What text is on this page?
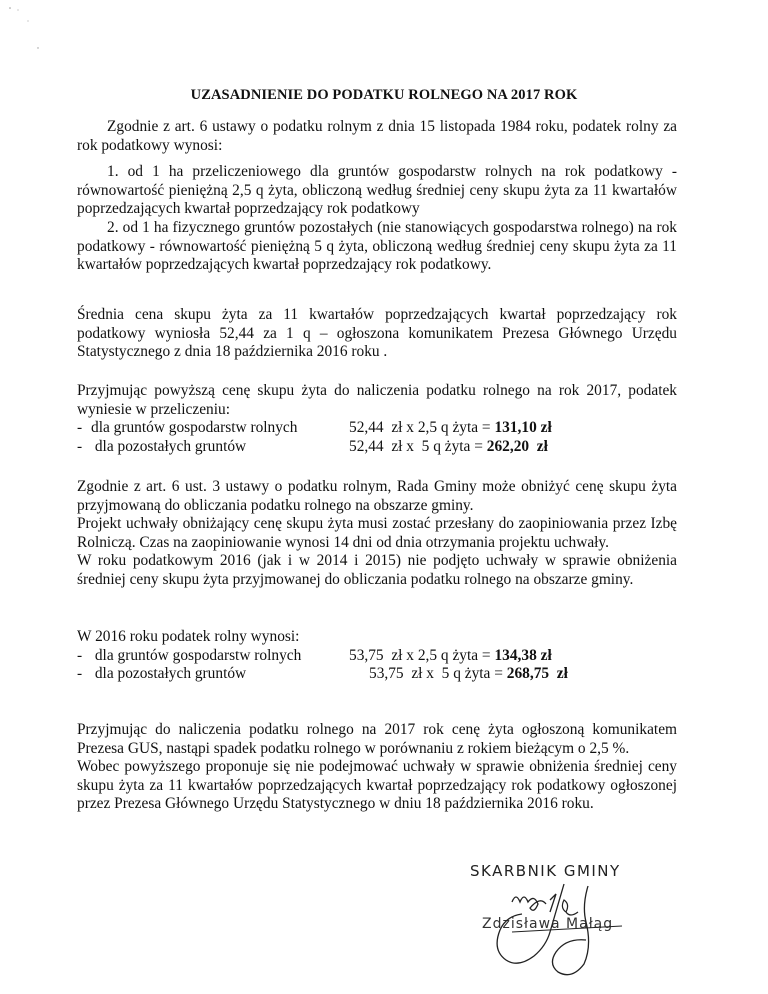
UZASADNIENIE DO PODATKU ROLNEGO NA 2017 ROK

Zgodnie z art. 6 ustawy o podatku rolnym z dnia 15 listopada 1984 roku, podatek rolny za rok podatkowy wynosi:

1. od 1 ha przeliczeniowego dla gruntów gospodarstw rolnych na rok podatkowy - równowartość pieniężną 2,5 q żyta, obliczoną według średniej ceny skupu żyta za 11 kwartałów poprzedzających kwartał poprzedzający rok podatkowy

2. od 1 ha fizycznego gruntów pozostałych (nie stanowiących gospodarstwa rolnego) na rok podatkowy - równowartość pieniężną 5 q żyta, obliczoną według średniej ceny skupu żyta za 11 kwartałów poprzedzających kwartał poprzedzający rok podatkowy.

Średnia cena skupu żyta za 11 kwartałów poprzedzających kwartał poprzedzający rok podatkowy wyniosła 52,44 za 1 q – ogłoszona komunikatem Prezesa Głównego Urzędu Statystycznego z dnia 18 października 2016 roku .

Przyjmując powyższą cenę skupu żyta do naliczenia podatku rolnego na rok 2017, podatek wyniesie w przeliczeniu:

- dla gruntów gospodarstw rolnych	52,44  zł x 2,5 q żyta = 131,10 zł
- dla pozostałych gruntów	52,44  zł x  5 q żyta = 262,20  zł

Zgodnie z art. 6 ust. 3 ustawy o podatku rolnym, Rada Gminy może obniżyć cenę skupu żyta przyjmowaną do obliczania podatku rolnego na obszarze gminy.

Projekt uchwały obniżający cenę skupu żyta musi zostać przesłany do zaopiniowania przez Izbę Rolniczą. Czas na zaopiniowanie wynosi 14 dni od dnia otrzymania projektu uchwały.

W roku podatkowym 2016 (jak i w 2014 i 2015) nie podjęto uchwały w sprawie obniżenia średniej ceny skupu żyta przyjmowanej do obliczania podatku rolnego na obszarze gminy.

W 2016 roku podatek rolny wynosi:

- dla gruntów gospodarstw rolnych	53,75  zł x 2,5 q żyta = 134,38 zł
- dla pozostałych gruntów	53,75  zł x  5 q żyta = 268,75  zł

Przyjmując do naliczenia podatku rolnego na 2017 rok cenę żyta ogłoszoną komunikatem Prezesa GUS, nastąpi spadek podatku rolnego w porównaniu z rokiem bieżącym o 2,5 %.

Wobec powyższego proponuje się nie podejmować uchwały w sprawie obniżenia średniej ceny skupu żyta za 11 kwartałów poprzedzających kwartał poprzedzający rok podatkowy ogłoszonej przez Prezesa Głównego Urzędu Statystycznego w dniu 18 października 2016 roku.

SKARBNIK GMINY
Zdzisława Małąg
